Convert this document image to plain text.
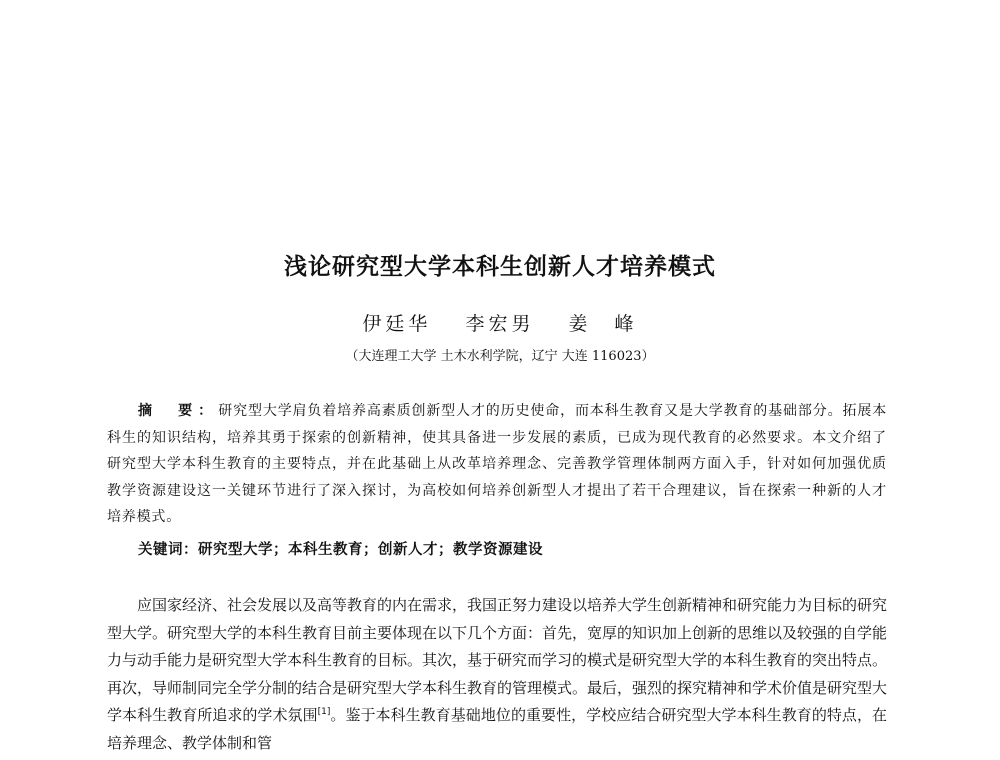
浅论研究型大学本科生创新人才培养模式
伊廷华 李宏男 姜　峰
（大连理工大学 土木水利学院，辽宁 大连 116023）

摘　要：研究型大学肩负着培养高素质创新型人才的历史使命，而本科生教育又是大学教育的基础部分。拓展本科生的知识结构，培养其勇于探索的创新精神，使其具备进一步发展的素质，已成为现代教育的必然要求。本文介绍了研究型大学本科生教育的主要特点，并在此基础上从改革培养理念、完善教学管理体制两方面入手，针对如何加强优质教学资源建设这一关键环节进行了深入探讨，为高校如何培养创新型人才提出了若干合理建议，旨在探索一种新的人才培养模式。

关键词：研究型大学；本科生教育；创新人才；教学资源建设

应国家经济、社会发展以及高等教育的内在需求，我国正努力建设以培养大学生创新精神和研究能力为目标的研究型大学。研究型大学的本科生教育目前主要体现在以下几个方面：首先，宽厚的知识加上创新的思维以及较强的自学能力与动手能力是研究型大学本科生教育的目标。其次，基于研究而学习的模式是研究型大学的本科生教育的突出特点。再次，导师制同完全学分制的结合是研究型大学本科生教育的管理模式。最后，强烈的探究精神和学术价值是研究型大学本科生教育所追求的学术氛围[1]。鉴于本科生教育基础地位的重要性，学校应结合研究型大学本科生教育的特点，在培养理念、教学体制和管
